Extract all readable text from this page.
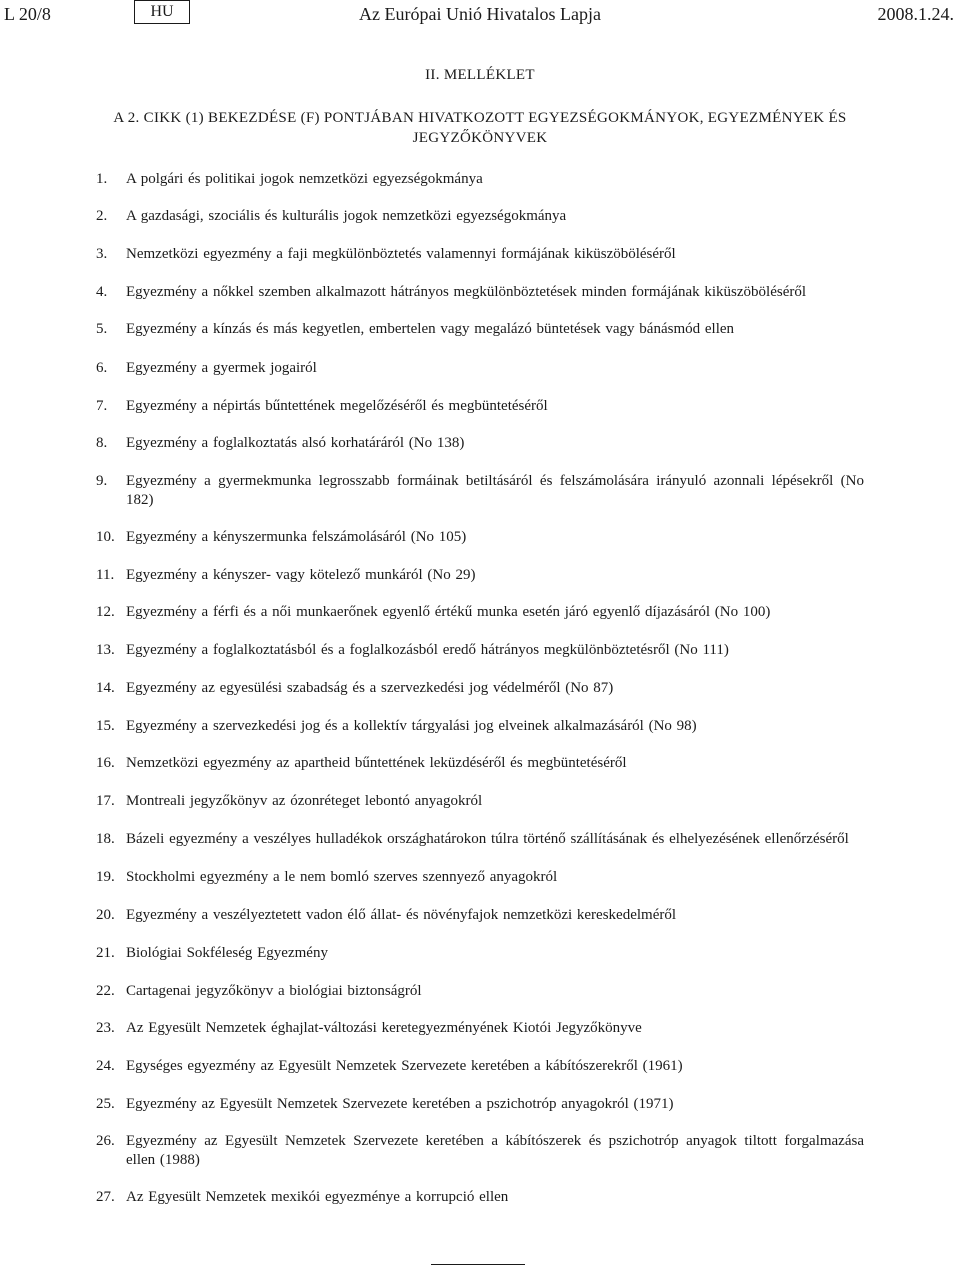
L 20/8	HU	Az Európai Unió Hivatalos Lapja	2008.1.24.
II. MELLÉKLET
A 2. CIKK (1) BEKEZDÉSE (F) PONTJÁBAN HIVATKOZOTT EGYEZSÉGOKMÁNYOK, EGYEZMÉNYEK ÉS JEGYZŐKÖNYVEK
1.	A polgári és politikai jogok nemzetközi egyezségokmánya
2.	A gazdasági, szociális és kulturális jogok nemzetközi egyezségokmánya
3.	Nemzetközi egyezmény a faji megkülönböztetés valamennyi formájának kiküszöböléséről
4.	Egyezmény a nőkkel szemben alkalmazott hátrányos megkülönböztetések minden formájának kiküszöböléséről
5.	Egyezmény a kínzás és más kegyetlen, embertelen vagy megalázó büntetések vagy bánásmód ellen
6.	Egyezmény a gyermek jogairól
7.	Egyezmény a népirtás bűntettének megelőzéséről és megbüntetéséről
8.	Egyezmény a foglalkoztatás alsó korhatáráról (No 138)
9.	Egyezmény a gyermekmunka legrosszabb formáinak betiltásáról és felszámolására irányuló azonnali lépésekről (No 182)
10. Egyezmény a kényszermunka felszámolásáról (No 105)
11. Egyezmény a kényszer- vagy kötelező munkáról (No 29)
12. Egyezmény a férfi és a női munkaerőnek egyenlő értékű munka esetén járó egyenlő díjazásáról (No 100)
13. Egyezmény a foglalkoztatásból és a foglalkozásból eredő hátrányos megkülönböztetésről (No 111)
14. Egyezmény az egyesülési szabadság és a szervezkedési jog védelméről (No 87)
15. Egyezmény a szervezkedési jog és a kollektív tárgyalási jog elveinek alkalmazásáról (No 98)
16. Nemzetközi egyezmény az apartheid bűntettének leküzdéséről és megbüntetéséről
17. Montreali jegyzőkönyv az ózonréteget lebontó anyagokról
18. Bázeli egyezmény a veszélyes hulladékok országhatárokon túlra történő szállításának és elhelyezésének ellenőrzéséről
19. Stockholmi egyezmény a le nem bomló szerves szennyező anyagokról
20. Egyezmény a veszélyeztetett vadon élő állat- és növényfajok nemzetközi kereskedelméről
21. Biológiai Sokféleség Egyezmény
22. Cartagenai jegyzőkönyv a biológiai biztonságról
23. Az Egyesült Nemzetek éghajlat-változási keretegyezményének Kiotói Jegyzőkönyve
24. Egységes egyezmény az Egyesült Nemzetek Szervezete keretében a kábítószerekről (1961)
25. Egyezmény az Egyesült Nemzetek Szervezete keretében a pszichotróp anyagokról (1971)
26. Egyezmény az Egyesült Nemzetek Szervezete keretében a kábítószerek és pszichotróp anyagok tiltott forgalmazása ellen (1988)
27. Az Egyesült Nemzetek mexikói egyezménye a korrupció ellen
